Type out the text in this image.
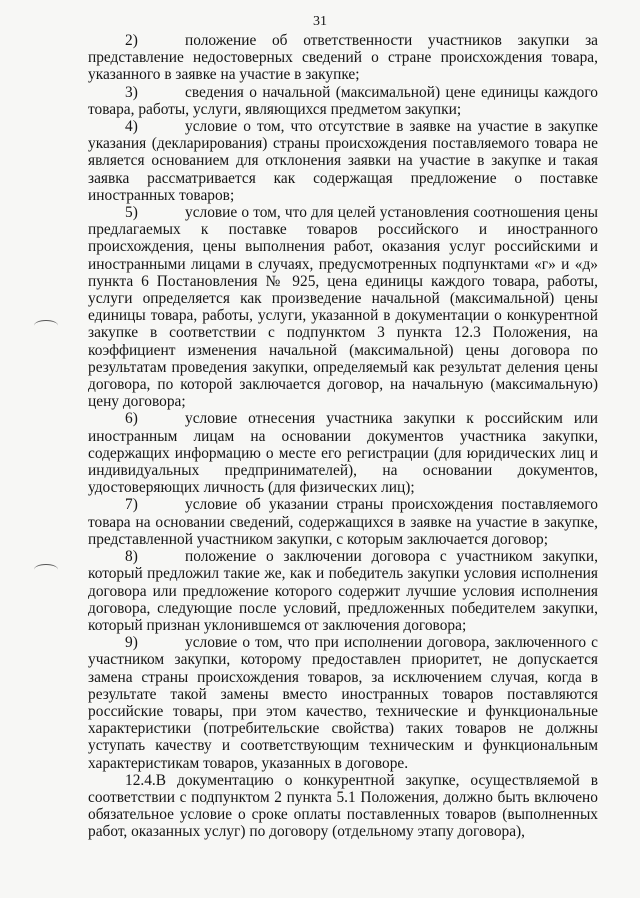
31

2)	положение об ответственности участников закупки за представление недостоверных сведений о стране происхождения товара, указанного в заявке на участие в закупке;

3)	сведения о начальной (максимальной) цене единицы каждого товара, работы, услуги, являющихся предметом закупки;

4)	условие о том, что отсутствие в заявке на участие в закупке указания (декларирования) страны происхождения поставляемого товара не является основанием для отклонения заявки на участие в закупке и такая заявка рассматривается как содержащая предложение о поставке иностранных товаров;

5)	условие о том, что для целей установления соотношения цены предлагаемых к поставке товаров российского и иностранного происхождения, цены выполнения работ, оказания услуг российскими и иностранными лицами в случаях, предусмотренных подпунктами «г» и «д» пункта 6 Постановления № 925, цена единицы каждого товара, работы, услуги определяется как произведение начальной (максимальной) цены единицы товара, работы, услуги, указанной в документации о конкурентной закупке в соответствии с подпунктом 3 пункта 12.3 Положения, на коэффициент изменения начальной (максимальной) цены договора по результатам проведения закупки, определяемый как результат деления цены договора, по которой заключается договор, на начальную (максимальную) цену договора;

6)	условие отнесения участника закупки к российским или иностранным лицам на основании документов участника закупки, содержащих информацию о месте его регистрации (для юридических лиц и индивидуальных предпринимателей), на основании документов, удостоверяющих личность (для физических лиц);

7)	условие об указании страны происхождения поставляемого товара на основании сведений, содержащихся в заявке на участие в закупке, представленной участником закупки, с которым заключается договор;

8)	положение о заключении договора с участником закупки, который предложил такие же, как и победитель закупки условия исполнения договора или предложение которого содержит лучшие условия исполнения договора, следующие после условий, предложенных победителем закупки, который признан уклонившемся от заключения договора;

9)	условие о том, что при исполнении договора, заключенного с участником закупки, которому предоставлен приоритет, не допускается замена страны происхождения товаров, за исключением случая, когда в результате такой замены вместо иностранных товаров поставляются российские товары, при этом качество, технические и функциональные характеристики (потребительские свойства) таких товаров не должны уступать качеству и соответствующим техническим и функциональным характеристикам товаров, указанных в договоре.

12.4.В документацию о конкурентной закупке, осуществляемой в соответствии с подпунктом 2 пункта 5.1 Положения, должно быть включено обязательное условие о сроке оплаты поставленных товаров (выполненных работ, оказанных услуг) по договору (отдельному этапу договора),
